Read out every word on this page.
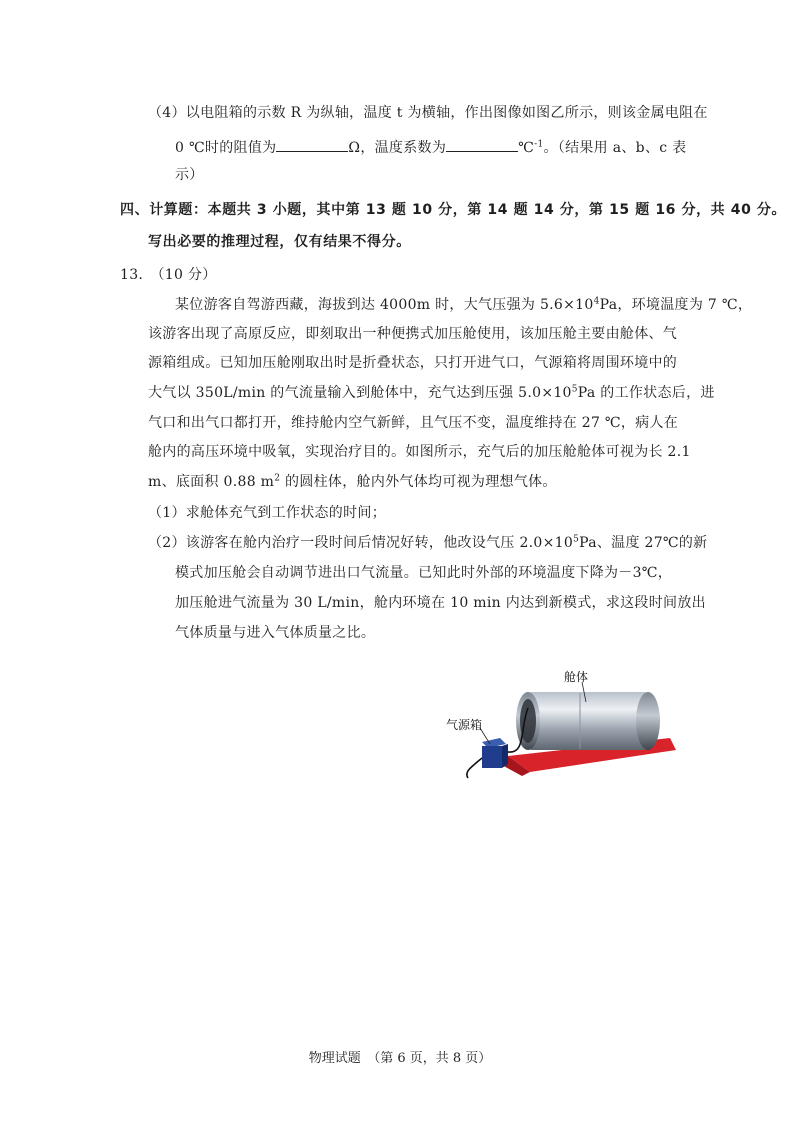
（4）以电阻箱的示数 R 为纵轴，温度 t 为横轴，作出图像如图乙所示，则该金属电阻在
0 ℃时的阻值为	Ω，温度系数为	℃$^{-1}$。（结果用 a、b、c 表
示）
四、计算题：本题共 3 小题，其中第 13 题 10 分，第 14 题 14 分，第 15 题 16 分，共 40 分。
写出必要的推理过程，仅有结果不得分。
13.　（10 分）
某位游客自驾游西藏，海拔到达 4000m 时，大气压强为 $5.6\times 10^4Pa$，环境温度为 7 ℃，
该游客出现了高原反应，即刻取出一种便携式加压舱使用，该加压舱主要由舱体、气
源箱组成。已知加压舱刚取出时是折叠状态，只打开进气口，气源箱将周围环境中的
大气以 350L/min 的气流量输入到舱体中，充气达到压强 $5.0\times 10^5Pa$ 的工作状态后，进
气口和出气口都打开，维持舱内空气新鲜，且气压不变，温度维持在 27 ℃，病人在
舱内的高压环境中吸氧，实现治疗目的。如图所示，充气后的加压舱舱体可视为长 2.1
m、底面积 0.88 $m^2$ 的圆柱体，舱内外气体均可视为理想气体。
（1）求舱体充气到工作状态的时间；
（2）该游客在舱内治疗一段时间后情况好转，他改设气压 $2.0\times 10^5Pa$、温度 27℃的新
模式加压舱会自动调节进出口气流量。已知此时外部的环境温度下降为－3℃，
加压舱进气流量为 30 L/min，舱内环境在 10 min 内达到新模式，求这段时间放出
气体质量与进入气体质量之比。
舱体
气源箱
物理试题　（第 6 页，共 8 页）
